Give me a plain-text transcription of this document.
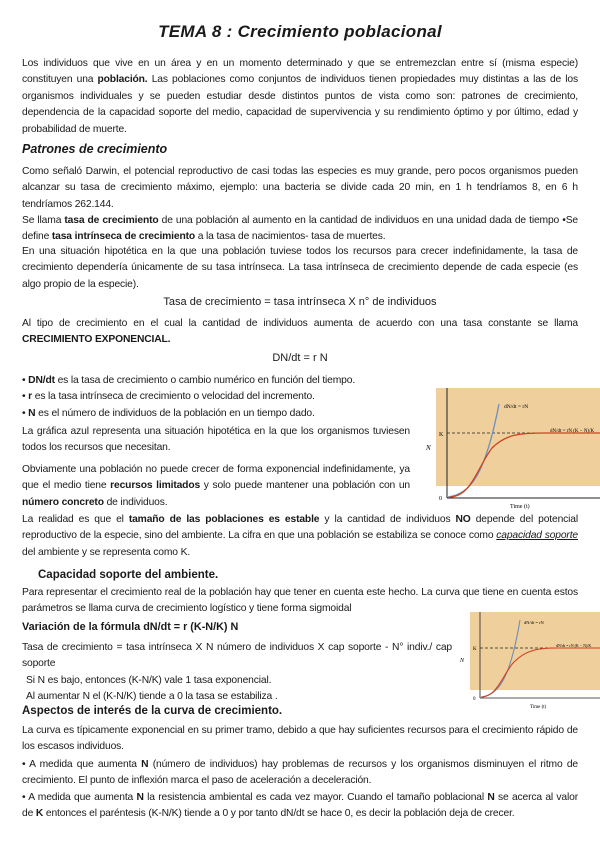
TEMA 8 : Crecimiento poblacional

Los individuos que vive en un área y en un momento determinado y que se entremezclan entre sí (misma especie) constituyen una población. Las poblaciones como conjuntos de individuos tienen propiedades muy distintas a las de los organismos individuales y se pueden estudiar desde distintos puntos de vista como son: patrones de crecimiento, dependencia de la capacidad soporte del medio, capacidad de supervivencia y su rendimiento óptimo y por último, edad y probabilidad de muerte.

Patrones de crecimiento

Como señaló Darwin, el potencial reproductivo de casi todas las especies es muy grande, pero pocos organismos pueden alcanzar su tasa de crecimiento máximo, ejemplo: una bacteria se divide cada 20 min, en 1 h tendríamos 8, en 6 h tendríamos 262.144.

Se llama tasa de crecimiento de una población al aumento en la cantidad de individuos en una unidad dada de tiempo •Se define tasa intrínseca de crecimiento a la tasa de nacimientos- tasa de muertes.

En una situación hipotética en la que una población tuviese todos los recursos para crecer indefinidamente, la tasa de crecimiento dependería únicamente de su tasa intrínseca. La tasa intrínseca de crecimiento depende de cada especie (es algo propio de la especie).

Tasa de crecimiento = tasa intrínseca X n° de individuos

Al tipo de crecimiento en el cual la cantidad de individuos aumenta de acuerdo con una tasa constante se llama CRECIMIENTO EXPONENCIAL.

DN/dt = r N

• DN/dt es la tasa de crecimiento o cambio numérico en función del tiempo.
• r es la tasa intrínseca de crecimiento o velocidad del incremento.
• N es el número de individuos de la población en un tiempo dado.

La gráfica azul representa una situación hipotética en la que los organismos tuviesen todos los recursos que necesitan.

Obviamente una población no puede crecer de forma exponencial indefinidamente, ya que el medio tiene recursos limitados y solo puede mantener una población con un número concreto de individuos.

La realidad es que el tamaño de las poblaciones es estable y la cantidad de individuos NO depende del potencial reproductivo de la especie, sino del ambiente. La cifra en que una población se estabiliza se conoce como capacidad soporte del ambiente y se representa como K.

K
N
0
Time (t)
dN/dt = rN
dN/dt = rN (K − N)/K
Capacidad soporte del ambiente.

Para representar el crecimiento real de la población hay que tener en cuenta este hecho. La curva que tiene en cuenta estos parámetros se llama curva de crecimiento logístico y tiene forma sigmoidal

Variación de la fórmula dN/dt = r (K-N/K) N

Tasa de crecimiento = tasa intrínseca X N número de individuos X cap soporte - N° indiv./ cap soporte

Si N es bajo, entonces (K-N/K) vale 1 tasa exponencial.

Al aumentar N el (K-N/K) tiende a 0 la tasa se estabiliza .

K
N
0
Time (t)
dN/dt = rN
dN/dt = rN (K − N)/K
Aspectos de interés de la curva de crecimiento.

La curva es típicamente exponencial en su primer tramo, debido a que hay suficientes recursos para el crecimiento rápido de los escasos individuos.

• A medida que aumenta N (número de individuos) hay problemas de recursos y los organismos disminuyen el ritmo de crecimiento. El punto de inflexión marca el paso de aceleración a deceleración.

• A medida que aumenta N la resistencia ambiental es cada vez mayor. Cuando el tamaño poblacional N se acerca al valor de K entonces el paréntesis (K-N/K) tiende a 0 y por tanto dN/dt se hace 0, es decir la población deja de crecer.
